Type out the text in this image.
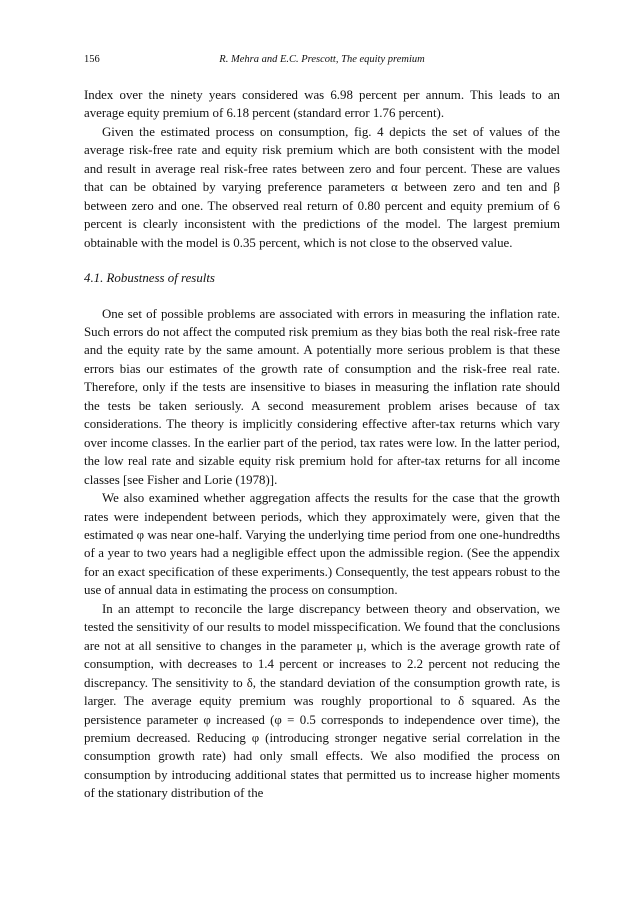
156	R. Mehra and E.C. Prescott, The equity premium

Index over the ninety years considered was 6.98 percent per annum. This leads to an average equity premium of 6.18 percent (standard error 1.76 percent).

Given the estimated process on consumption, fig. 4 depicts the set of values of the average risk-free rate and equity risk premium which are both consistent with the model and result in average real risk-free rates between zero and four percent. These are values that can be obtained by varying preference parameters α between zero and ten and β between zero and one. The observed real return of 0.80 percent and equity premium of 6 percent is clearly inconsistent with the predictions of the model. The largest premium obtainable with the model is 0.35 percent, which is not close to the observed value.

4.1. Robustness of results

One set of possible problems are associated with errors in measuring the inflation rate. Such errors do not affect the computed risk premium as they bias both the real risk-free rate and the equity rate by the same amount. A potentially more serious problem is that these errors bias our estimates of the growth rate of consumption and the risk-free real rate. Therefore, only if the tests are insensitive to biases in measuring the inflation rate should the tests be taken seriously. A second measurement problem arises because of tax considerations. The theory is implicitly considering effective after-tax returns which vary over income classes. In the earlier part of the period, tax rates were low. In the latter period, the low real rate and sizable equity risk premium hold for after-tax returns for all income classes [see Fisher and Lorie (1978)].

We also examined whether aggregation affects the results for the case that the growth rates were independent between periods, which they approximately were, given that the estimated φ was near one-half. Varying the underlying time period from one one-hundredths of a year to two years had a negligible effect upon the admissible region. (See the appendix for an exact specification of these experiments.) Consequently, the test appears robust to the use of annual data in estimating the process on consumption.

In an attempt to reconcile the large discrepancy between theory and observation, we tested the sensitivity of our results to model misspecification. We found that the conclusions are not at all sensitive to changes in the parameter μ, which is the average growth rate of consumption, with decreases to 1.4 percent or increases to 2.2 percent not reducing the discrepancy. The sensitivity to δ, the standard deviation of the consumption growth rate, is larger. The average equity premium was roughly proportional to δ squared. As the persistence parameter φ increased (φ = 0.5 corresponds to independence over time), the premium decreased. Reducing φ (introducing stronger negative serial correlation in the consumption growth rate) had only small effects. We also modified the process on consumption by introducing additional states that permitted us to increase higher moments of the stationary distribution of the
